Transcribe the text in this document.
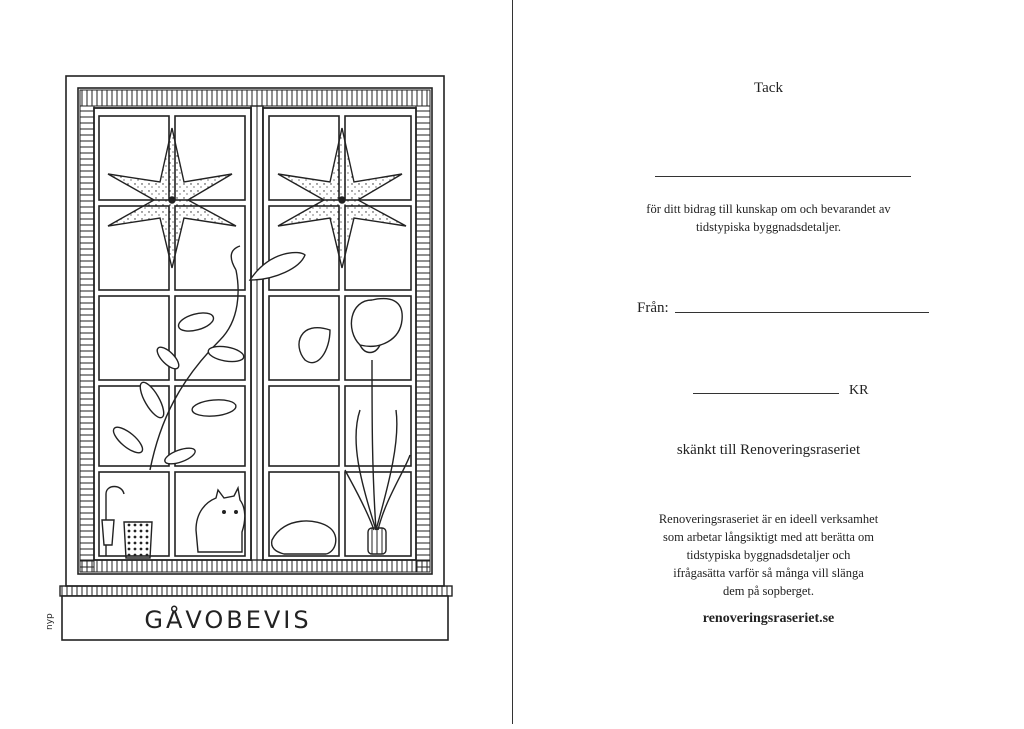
GÅVOBEVIS
nyp
Tack
för ditt bidrag till kunskap om och bevarandet av
tidstypiska byggnadsdetaljer.
Från:
KR
skänkt till Renoveringsraseriet
Renoveringsraseriet är en ideell verksamhet
som arbetar långsiktigt med att berätta om
tidstypiska byggnadsdetaljer och
ifrågasätta varför så många vill slänga
dem på sopberget.
renoveringsraseriet.se
